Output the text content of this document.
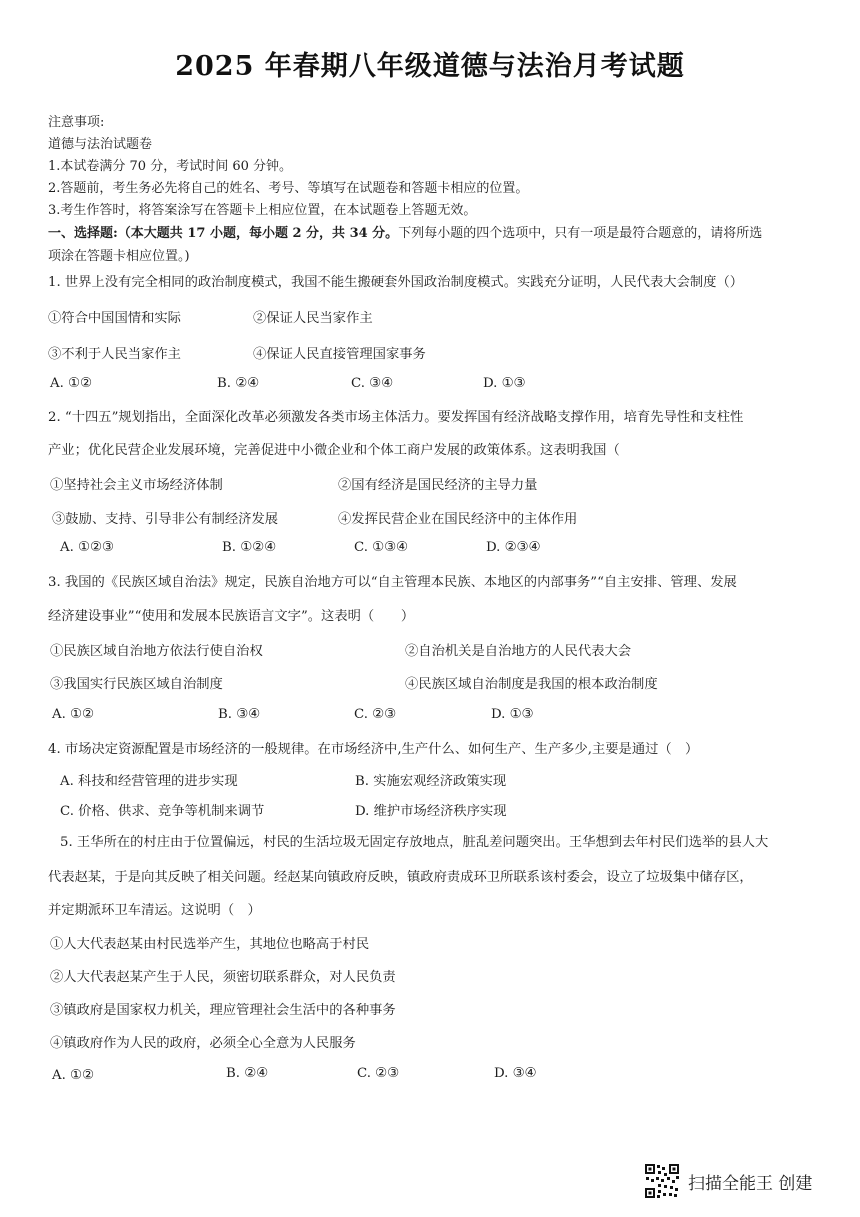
2025 年春期八年级道德与法治月考试题
注意事项:
道德与法治试题卷
1.本试卷满分 70 分，考试时间 60 分钟。
2.答题前，考生务必先将自己的姓名、考号、等填写在试题卷和答题卡相应的位置。
3.考生作答时，将答案涂写在答题卡上相应位置，在本试题卷上答题无效。
一、选择题:（本大题共 17 小题，每小题 2 分，共 34 分。下列每小题的四个选项中，只有一项是最符合题意的，请将所选
项涂在答题卡相应位置。)
1. 世界上没有完全相同的政治制度模式，我国不能生搬硬套外国政治制度模式。实践充分证明，人民代表大会制度（）
①符合中国国情和实际	②保证人民当家作主
③不利于人民当家作主	④保证人民直接管理国家事务
A. ①②	B. ②④	C. ③④	D. ①③
2. “十四五”规划指出，全面深化改革必须激发各类市场主体活力。要发挥国有经济战略支撑作用，培育先导性和支柱性
产业；优化民营企业发展环境，完善促进中小微企业和个体工商户发展的政策体系。这表明我国（
①坚持社会主义市场经济体制	②国有经济是国民经济的主导力量
③鼓励、支持、引导非公有制经济发展	④发挥民营企业在国民经济中的主体作用
A. ①②③	B. ①②④	C. ①③④	D. ②③④
3. 我国的《民族区域自治法》规定，民族自治地方可以“自主管理本民族、本地区的内部事务”“自主安排、管理、发展
经济建设事业”“使用和发展本民族语言文字”。这表明（　　）
①民族区域自治地方依法行使自治权	②自治机关是自治地方的人民代表大会
③我国实行民族区域自治制度	④民族区域自治制度是我国的根本政治制度
A. ①②	B. ③④	C. ②③	D. ①③
4. 市场决定资源配置是市场经济的一般规律。在市场经济中,生产什么、如何生产、生产多少,主要是通过（　）
A. 科技和经营管理的进步实现	B. 实施宏观经济政策实现
C. 价格、供求、竞争等机制来调节	D. 维护市场经济秩序实现
5. 王华所在的村庄由于位置偏远，村民的生活垃圾无固定存放地点，脏乱差问题突出。王华想到去年村民们选举的县人大
代表赵某，于是向其反映了相关问题。经赵某向镇政府反映，镇政府责成环卫所联系该村委会，设立了垃圾集中储存区，
并定期派环卫车清运。这说明（　）
①人大代表赵某由村民选举产生，其地位也略高于村民
②人大代表赵某产生于人民，须密切联系群众，对人民负责
③镇政府是国家权力机关，理应管理社会生活中的各种事务
④镇政府作为人民的政府，必须全心全意为人民服务
A. ①②	B. ②④	C. ②③	D. ③④
扫描全能王 创建
